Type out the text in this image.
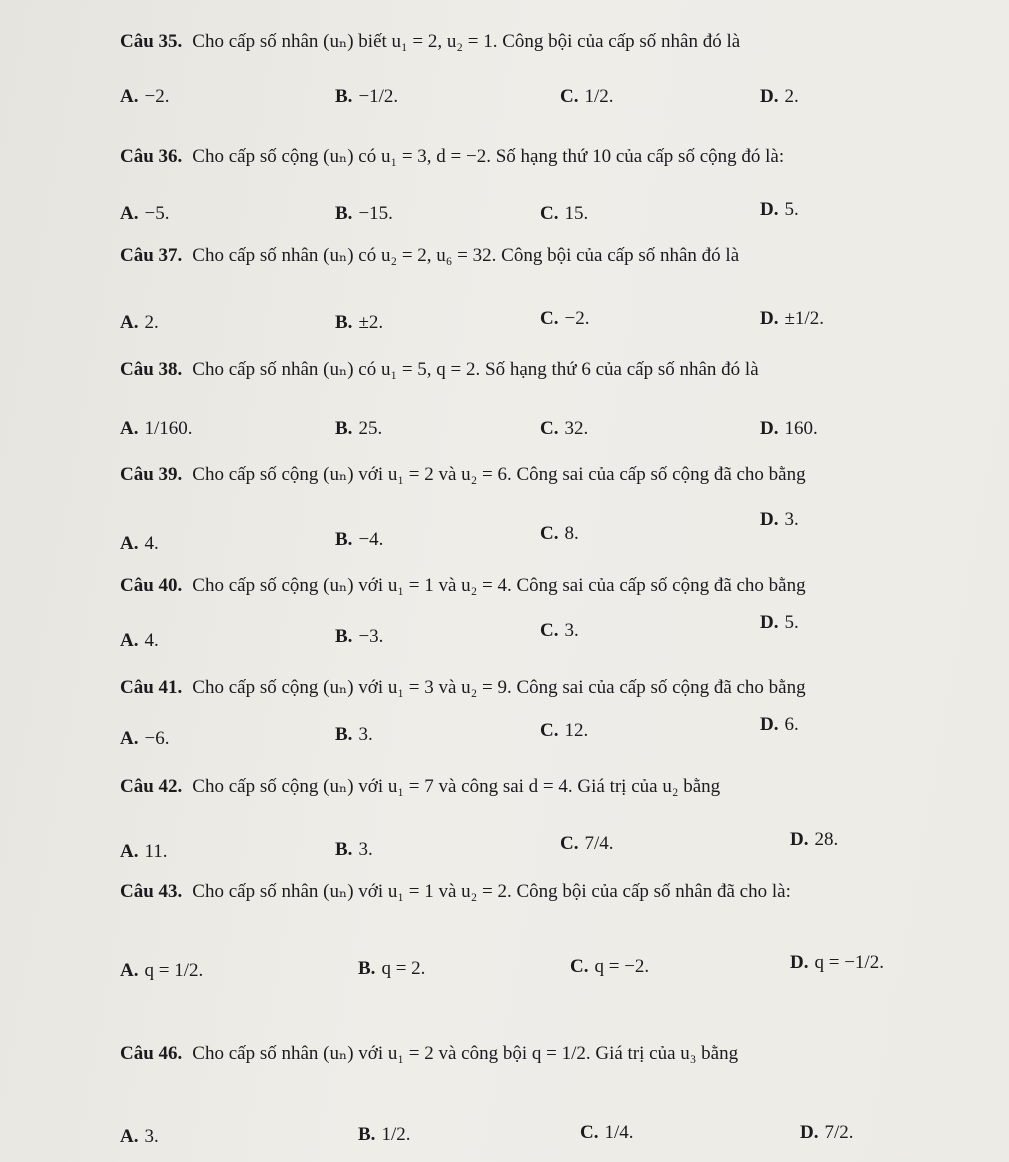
Câu 35. Cho cấp số nhân (uₙ) biết u₁ = 2, u₂ = 1. Công bội của cấp số nhân đó là
A. −2.	B. −1/2.	C. 1/2.	D. 2.
Câu 36. Cho cấp số cộng (uₙ) có u₁ = 3, d = −2. Số hạng thứ 10 của cấp số cộng đó là:
A. −5.	B. −15.	C. 15.	D. 5.
Câu 37. Cho cấp số nhân (uₙ) có u₂ = 2, u₆ = 32. Công bội của cấp số nhân đó là
A. 2.	B. ±2.	C. −2.	D. ±1/2.
Câu 38. Cho cấp số nhân (uₙ) có u₁ = 5, q = 2. Số hạng thứ 6 của cấp số nhân đó là
A. 1/160.	B. 25.	C. 32.	D. 160.
Câu 39. Cho cấp số cộng (uₙ) với u₁ = 2 và u₂ = 6. Công sai của cấp số cộng đã cho bằng
A. 4.	B. −4.	C. 8.
D. 3.
Câu 40. Cho cấp số cộng (uₙ) với u₁ = 1 và u₂ = 4. Công sai của cấp số cộng đã cho bằng
A. 4.	B. −3.	C. 3.	D. 5.
Câu 41. Cho cấp số cộng (uₙ) với u₁ = 3 và u₂ = 9. Công sai của cấp số cộng đã cho bằng
A. −6.	B. 3.	C. 12.	D. 6.
Câu 42. Cho cấp số cộng (uₙ) với u₁ = 7 và công sai d = 4. Giá trị của u₂ bằng
A. 11.	B. 3.	C. 7/4.	D. 28.
Câu 43. Cho cấp số nhân (uₙ) với u₁ = 1 và u₂ = 2. Công bội của cấp số nhân đã cho là:
A. q = 1/2.	B. q = 2.	C. q = −2.	D. q = −1/2.
Câu 46. Cho cấp số nhân (uₙ) với u₁ = 2 và công bội q = 1/2. Giá trị của u₃ bằng
A. 3.	B. 1/2.	C. 1/4.	D. 7/2.
